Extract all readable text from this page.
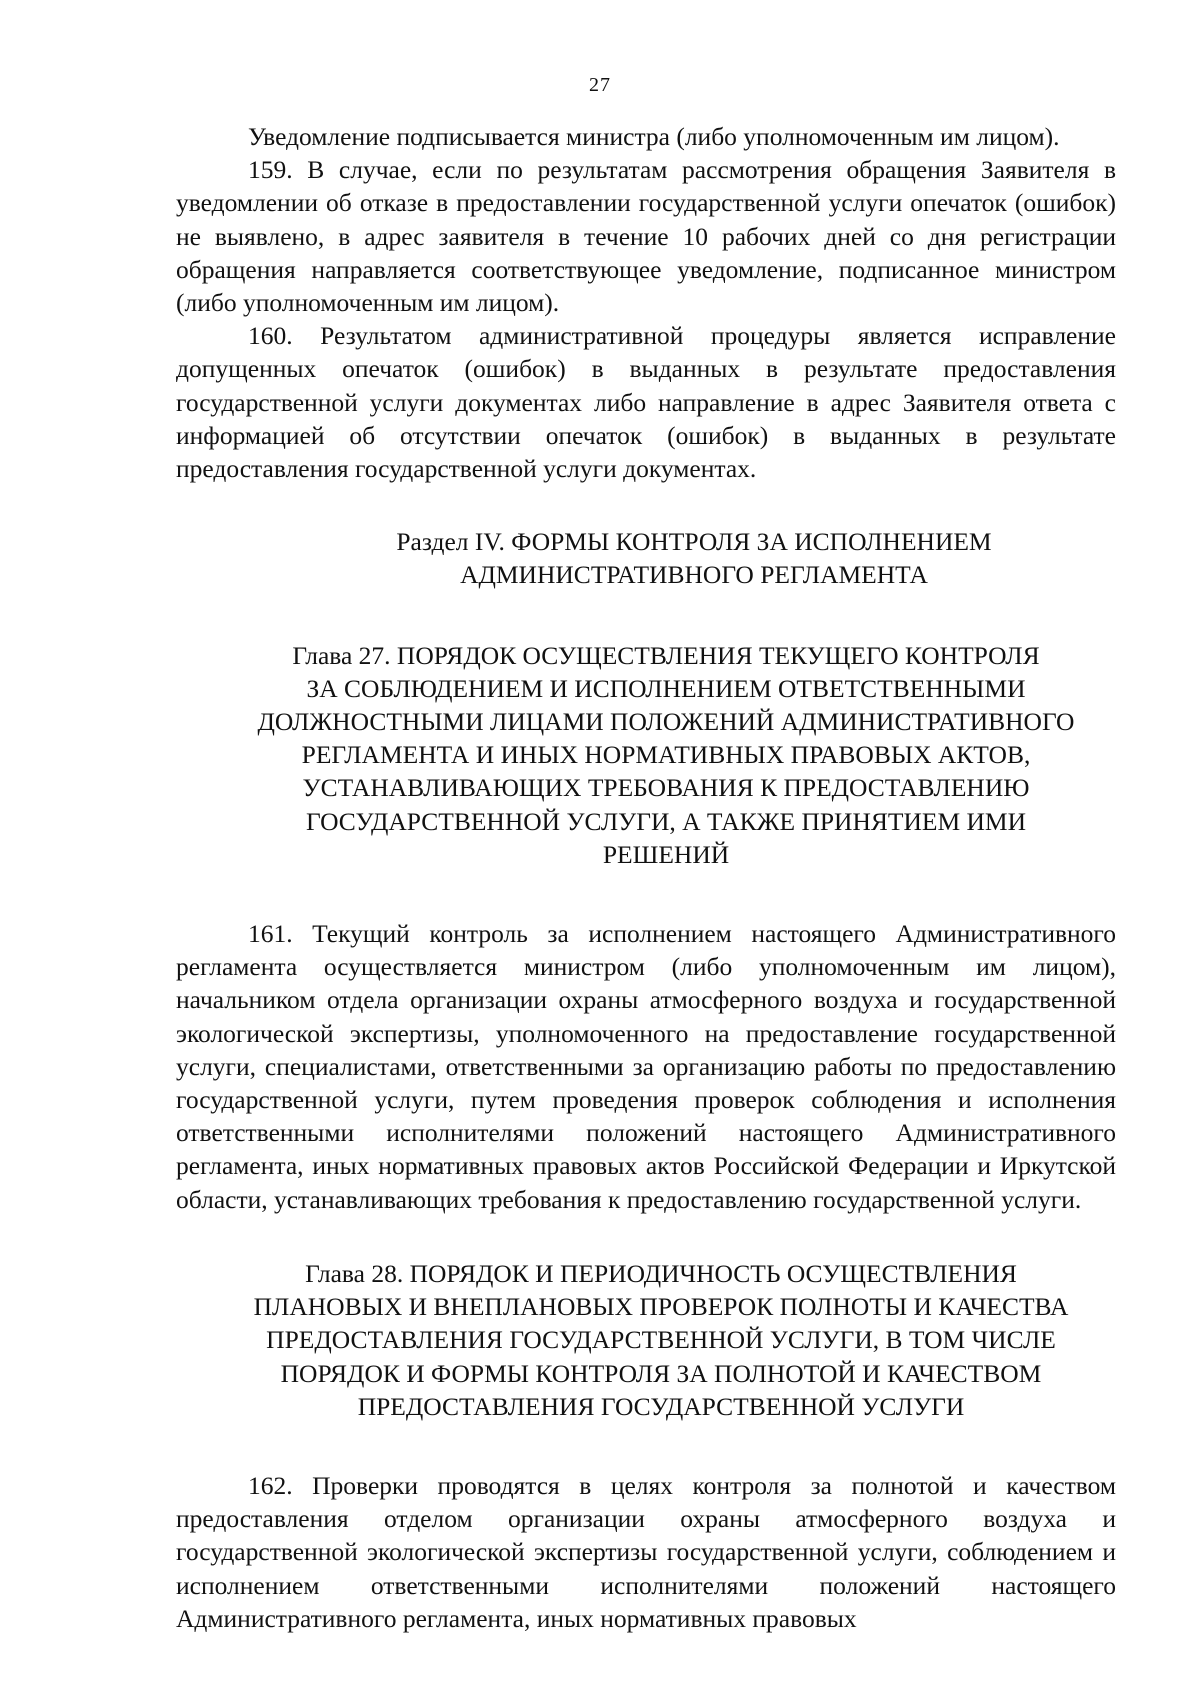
27

Уведомление подписывается министра (либо уполномоченным им лицом).

159. В случае, если по результатам рассмотрения обращения Заявителя в уведомлении об отказе в предоставлении государственной услуги опечаток (ошибок) не выявлено, в адрес заявителя в течение 10 рабочих дней со дня регистрации обращения направляется соответствующее уведомление, подписанное министром (либо уполномоченным им лицом).

160. Результатом административной процедуры является исправление допущенных опечаток (ошибок) в выданных в результате предоставления государственной услуги документах либо направление в адрес Заявителя ответа с информацией об отсутствии опечаток (ошибок) в выданных в результате предоставления государственной услуги документах.

Раздел IV. ФОРМЫ КОНТРОЛЯ ЗА ИСПОЛНЕНИЕМ
АДМИНИСТРАТИВНОГО РЕГЛАМЕНТА
Глава 27. ПОРЯДОК ОСУЩЕСТВЛЕНИЯ ТЕКУЩЕГО КОНТРОЛЯ
ЗА СОБЛЮДЕНИЕМ И ИСПОЛНЕНИЕМ ОТВЕТСТВЕННЫМИ
ДОЛЖНОСТНЫМИ ЛИЦАМИ ПОЛОЖЕНИЙ АДМИНИСТРАТИВНОГО
РЕГЛАМЕНТА И ИНЫХ НОРМАТИВНЫХ ПРАВОВЫХ АКТОВ,
УСТАНАВЛИВАЮЩИХ ТРЕБОВАНИЯ К ПРЕДОСТАВЛЕНИЮ
ГОСУДАРСТВЕННОЙ УСЛУГИ, А ТАКЖЕ ПРИНЯТИЕМ ИМИ
РЕШЕНИЙ

161. Текущий контроль за исполнением настоящего Административного регламента осуществляется министром (либо уполномоченным им лицом), начальником отдела организации охраны атмосферного воздуха и государственной экологической экспертизы, уполномоченного на предоставление государственной услуги, специалистами, ответственными за организацию работы по предоставлению государственной услуги, путем проведения проверок соблюдения и исполнения ответственными исполнителями положений настоящего Административного регламента, иных нормативных правовых актов Российской Федерации и Иркутской области, устанавливающих требования к предоставлению государственной услуги.

Глава 28. ПОРЯДОК И ПЕРИОДИЧНОСТЬ ОСУЩЕСТВЛЕНИЯ
ПЛАНОВЫХ И ВНЕПЛАНОВЫХ ПРОВЕРОК ПОЛНОТЫ И КАЧЕСТВА
ПРЕДОСТАВЛЕНИЯ ГОСУДАРСТВЕННОЙ УСЛУГИ, В ТОМ ЧИСЛЕ
ПОРЯДОК И ФОРМЫ КОНТРОЛЯ ЗА ПОЛНОТОЙ И КАЧЕСТВОМ
ПРЕДОСТАВЛЕНИЯ ГОСУДАРСТВЕННОЙ УСЛУГИ

162. Проверки проводятся в целях контроля за полнотой и качеством предоставления отделом организации охраны атмосферного воздуха и государственной экологической экспертизы государственной услуги, соблюдением и исполнением ответственными исполнителями положений настоящего Административного регламента, иных нормативных правовых
